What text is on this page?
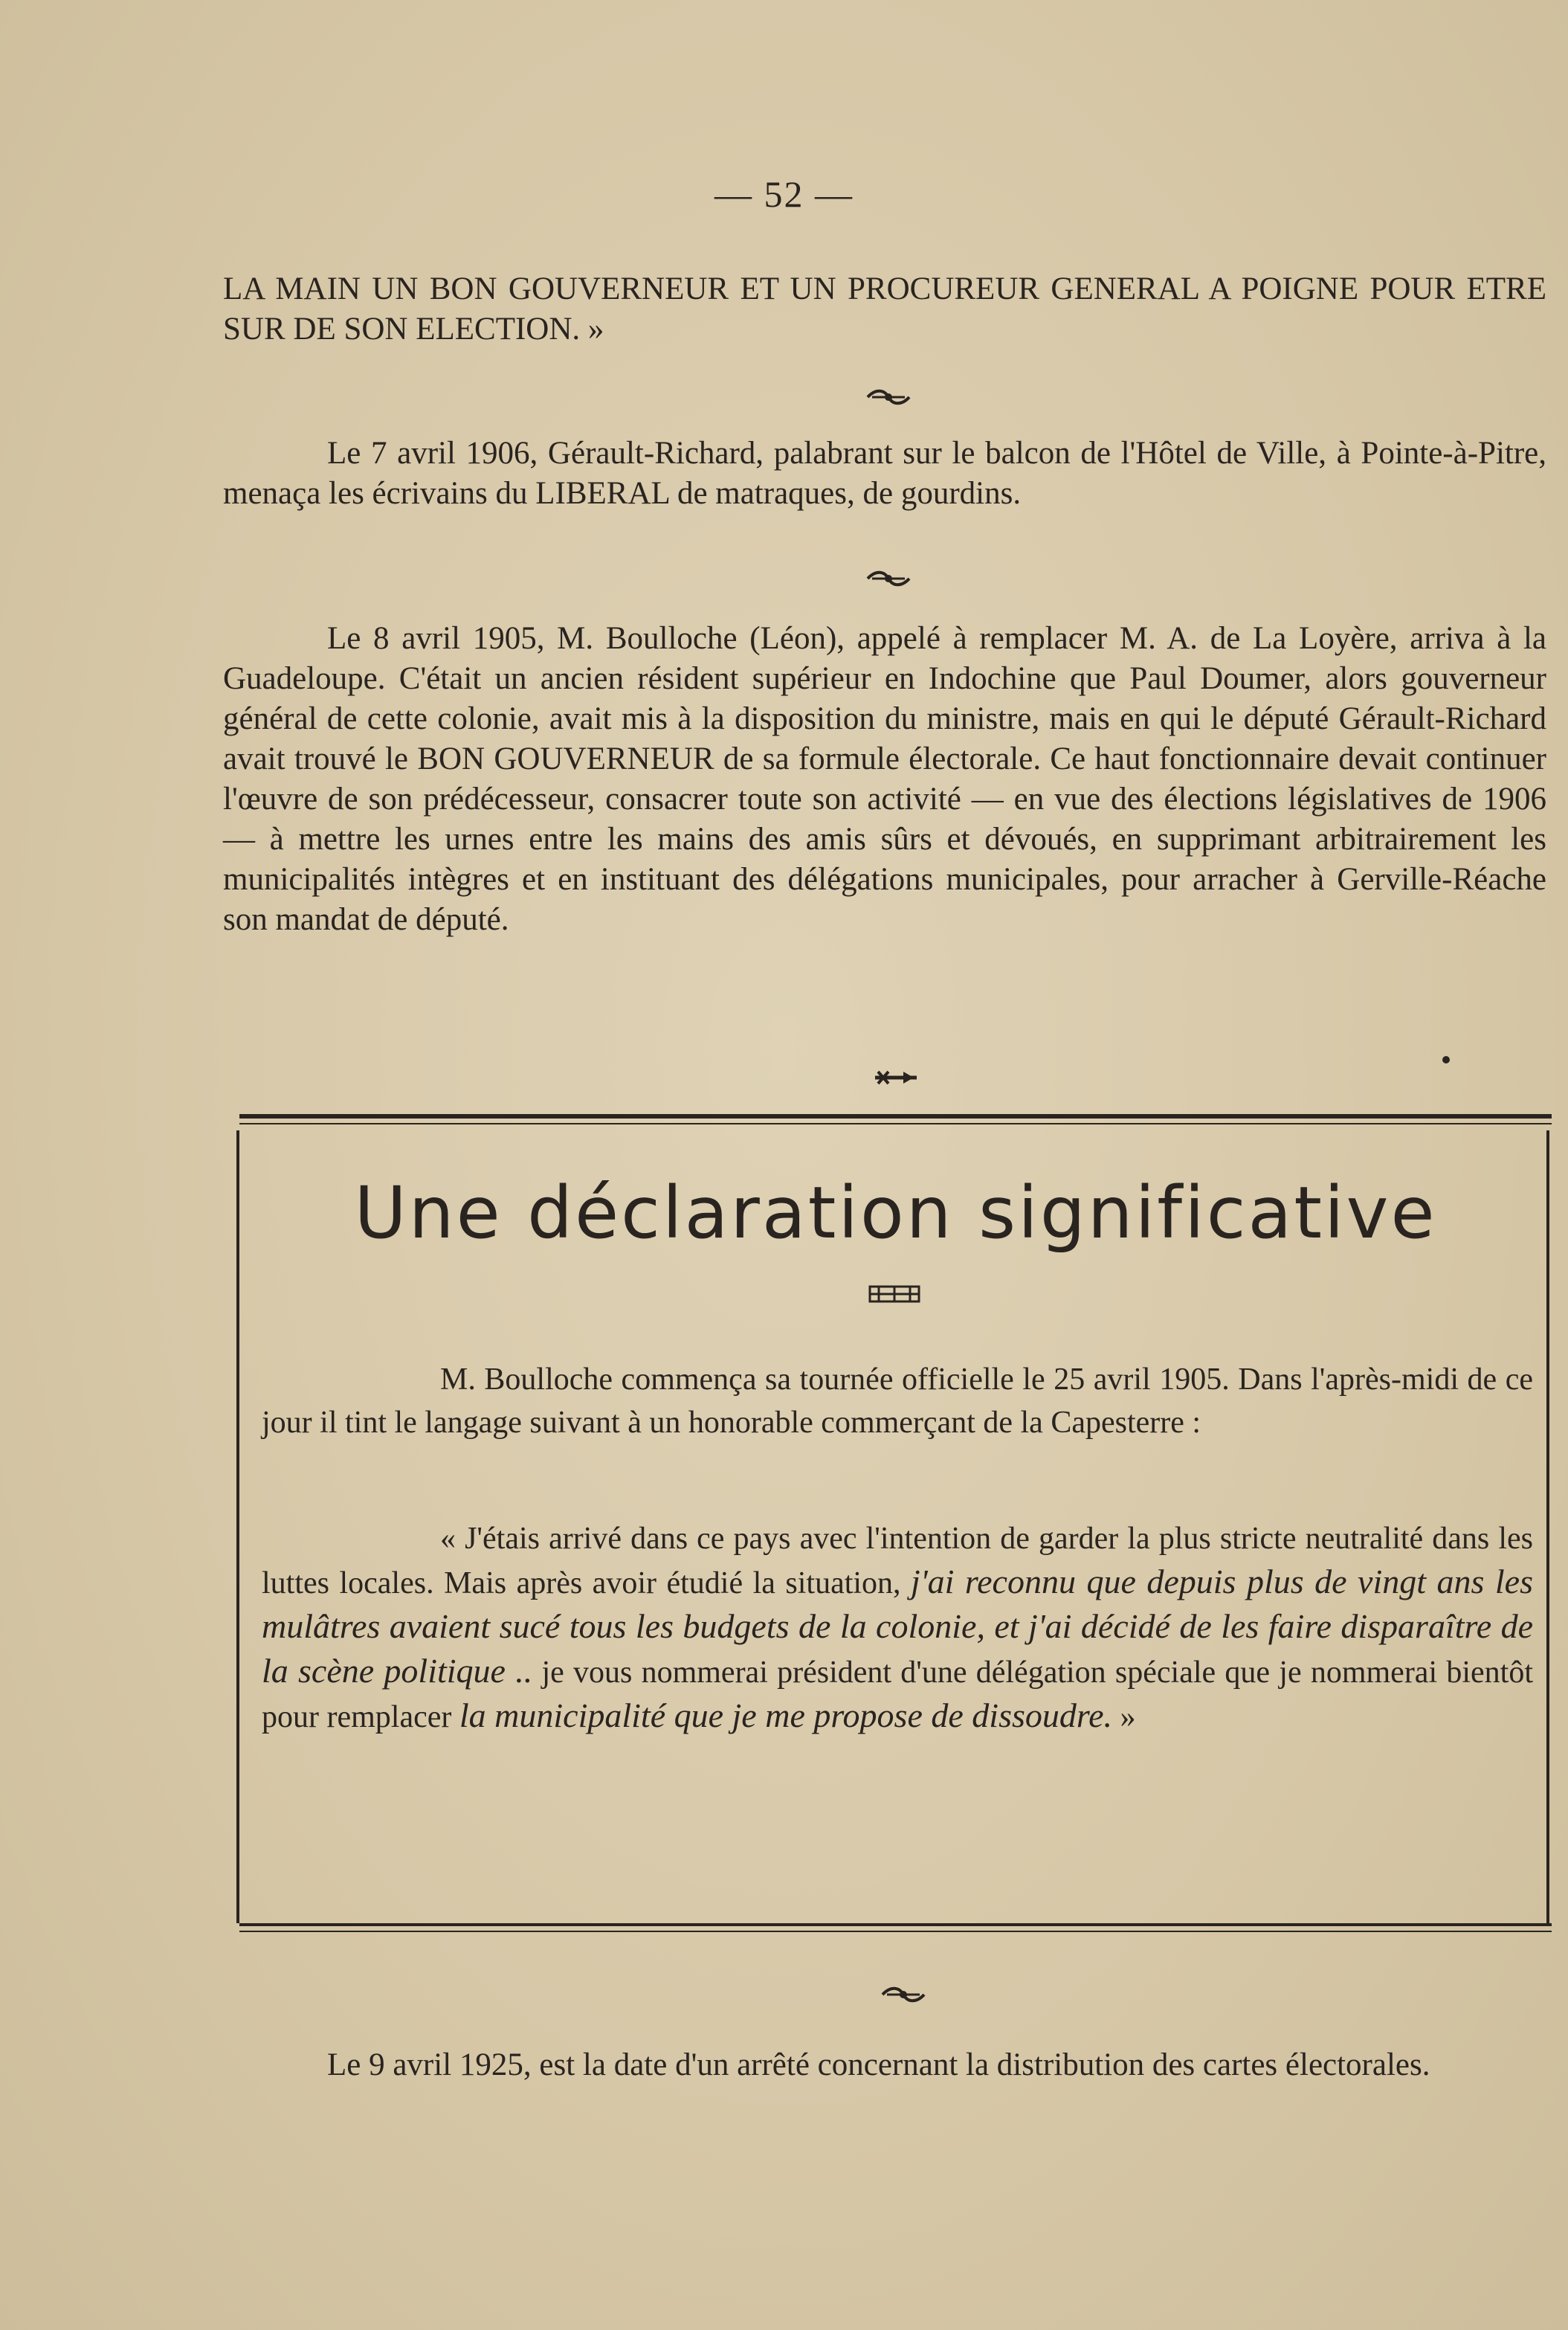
— 52 —

LA MAIN UN BON GOUVERNEUR ET UN PROCUREUR GENERAL A POIGNE POUR ETRE SUR DE SON ELECTION. »

Le 7 avril 1906, Gérault-Richard, palabrant sur le balcon de l'Hôtel de Ville, à Pointe-à-Pitre, menaça les écrivains du LIBERAL de matraques, de gourdins.

Le 8 avril 1905, M. Boulloche (Léon), appelé à remplacer M. A. de La Loyère, arriva à la Guadeloupe. C'était un ancien résident supérieur en Indochine que Paul Doumer, alors gouverneur général de cette colonie, avait mis à la disposition du ministre, mais en qui le député Gérault-Richard avait trouvé le BON GOUVERNEUR de sa formule électorale. Ce haut fonctionnaire devait continuer l'œuvre de son prédécesseur, consacrer toute son activité — en vue des élections législatives de 1906 — à mettre les urnes entre les mains des amis sûrs et dévoués, en supprimant arbitrairement les municipalités intègres et en instituant des délégations municipales, pour arracher à Gerville-Réache son mandat de député.

Une déclaration significative

M. Boulloche commença sa tournée officielle le 25 avril 1905. Dans l'après-midi de ce jour il tint le langage suivant à un honorable commerçant de la Capesterre :

« J'étais arrivé dans ce pays avec l'intention de garder la plus stricte neutralité dans les luttes locales. Mais après avoir étudié la situation, j'ai reconnu que depuis plus de vingt ans les mulâtres avaient sucé tous les budgets de la colonie, et j'ai décidé de les faire disparaître de la scène politique .. je vous nommerai président d'une délégation spéciale que je nommerai bientôt pour remplacer la municipalité que je me propose de dissoudre. »

Le 9 avril 1925, est la date d'un arrêté concernant la distribution des cartes électorales.
